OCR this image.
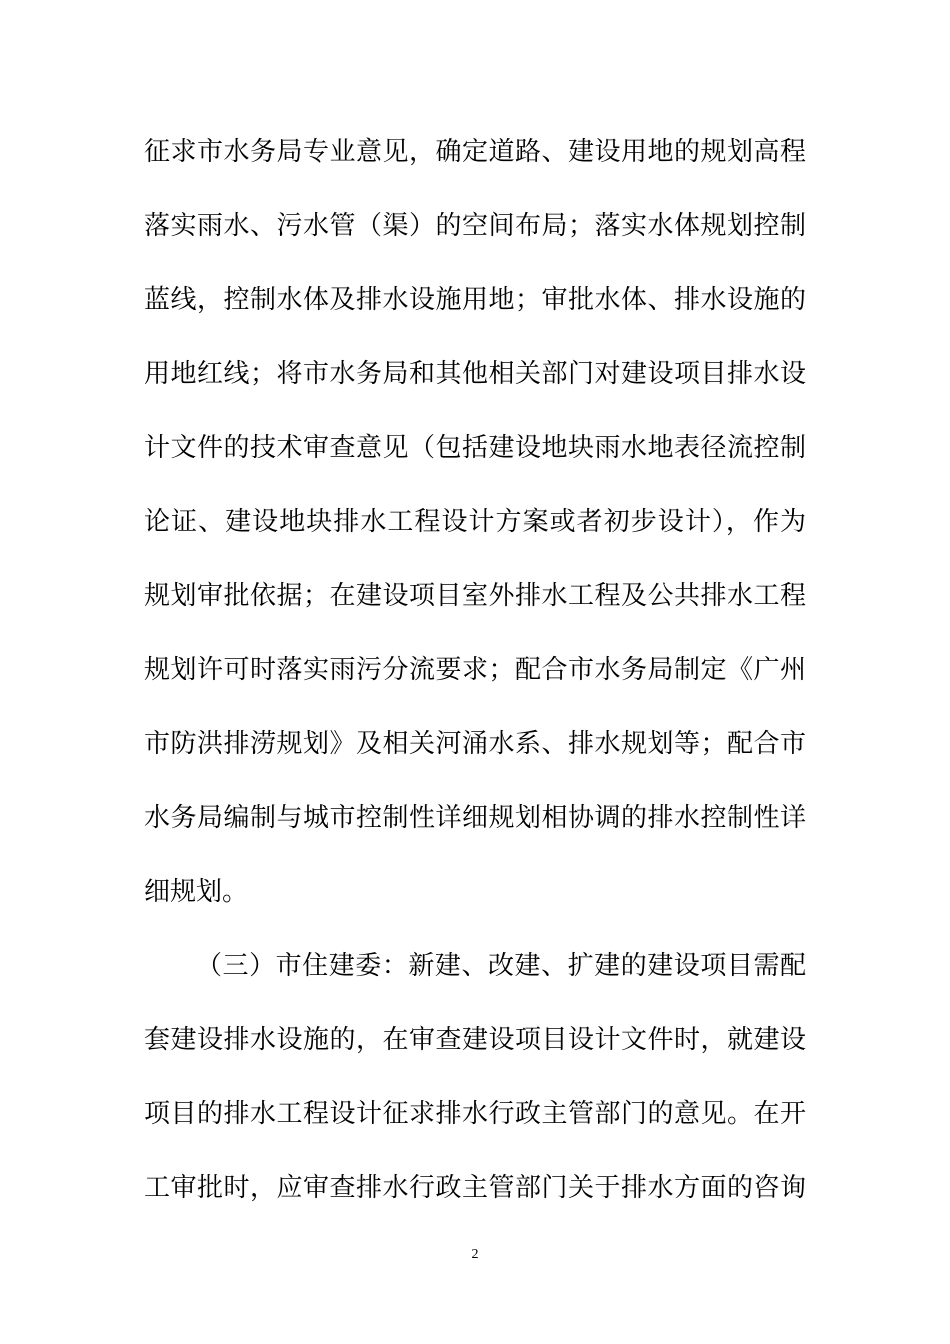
征求市水务局专业意见，确定道路、建设用地的规划高程
落实雨水、污水管（渠）的空间布局；落实水体规划控制
蓝线，控制水体及排水设施用地；审批水体、排水设施的
用地红线；将市水务局和其他相关部门对建设项目排水设
计文件的技术审查意见（包括建设地块雨水地表径流控制
论证、建设地块排水工程设计方案或者初步设计），作为
规划审批依据；在建设项目室外排水工程及公共排水工程
规划许可时落实雨污分流要求；配合市水务局制定《广州
市防洪排涝规划》及相关河涌水系、排水规划等；配合市
水务局编制与城市控制性详细规划相协调的排水控制性详
细规划。
（三）市住建委：新建、改建、扩建的建设项目需配
套建设排水设施的，在审查建设项目设计文件时，就建设
项目的排水工程设计征求排水行政主管部门的意见。在开
工审批时，应审查排水行政主管部门关于排水方面的咨询
2
